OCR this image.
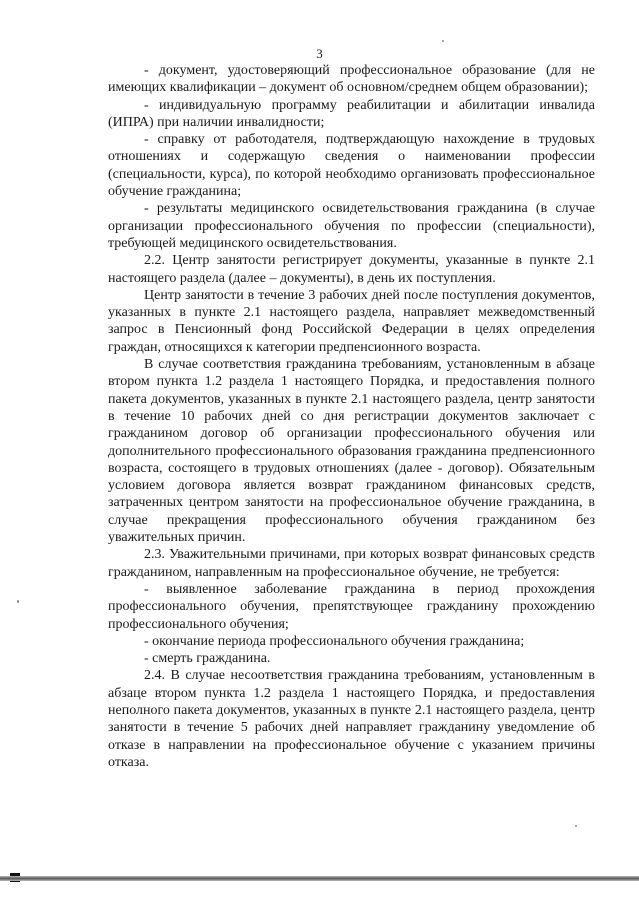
3

- документ, удостоверяющий профессиональное образование (для не имеющих квалификации – документ об основном/среднем общем образовании);

- индивидуальную программу реабилитации и абилитации инвалида (ИПРА) при наличии инвалидности;

- справку от работодателя, подтверждающую нахождение в трудовых отношениях и содержащую сведения о наименовании профессии (специальности, курса), по которой необходимо организовать профессиональное обучение гражданина;

- результаты медицинского освидетельствования гражданина (в случае организации профессионального обучения по профессии (специальности), требующей медицинского освидетельствования.

2.2. Центр занятости регистрирует документы, указанные в пункте 2.1 настоящего раздела (далее – документы), в день их поступления.

Центр занятости в течение 3 рабочих дней после поступления документов, указанных в пункте 2.1 настоящего раздела, направляет межведомственный запрос в Пенсионный фонд Российской Федерации в целях определения граждан, относящихся к категории предпенсионного возраста.

В случае соответствия гражданина требованиям, установленным в абзаце втором пункта 1.2 раздела 1 настоящего Порядка, и предоставления полного пакета документов, указанных в пункте 2.1 настоящего раздела, центр занятости в течение 10 рабочих дней со дня регистрации документов заключает с гражданином договор об организации профессионального обучения или дополнительного профессионального образования гражданина предпенсионного возраста, состоящего в трудовых отношениях (далее - договор). Обязательным условием договора является возврат гражданином финансовых средств, затраченных центром занятости на профессиональное обучение гражданина, в случае прекращения профессионального обучения гражданином без уважительных причин.

2.3. Уважительными причинами, при которых возврат финансовых средств гражданином, направленным на профессиональное обучение, не требуется:

- выявленное заболевание гражданина в период прохождения профессионального обучения, препятствующее гражданину прохождению профессионального обучения;

- окончание периода профессионального обучения гражданина;

- смерть гражданина.

2.4. В случае несоответствия гражданина требованиям, установленным в абзаце втором пункта 1.2 раздела 1 настоящего Порядка, и предоставления неполного пакета документов, указанных в пункте 2.1 настоящего раздела, центр занятости в течение 5 рабочих дней направляет гражданину уведомление об отказе в направлении на профессиональное обучение с указанием причины отказа.
